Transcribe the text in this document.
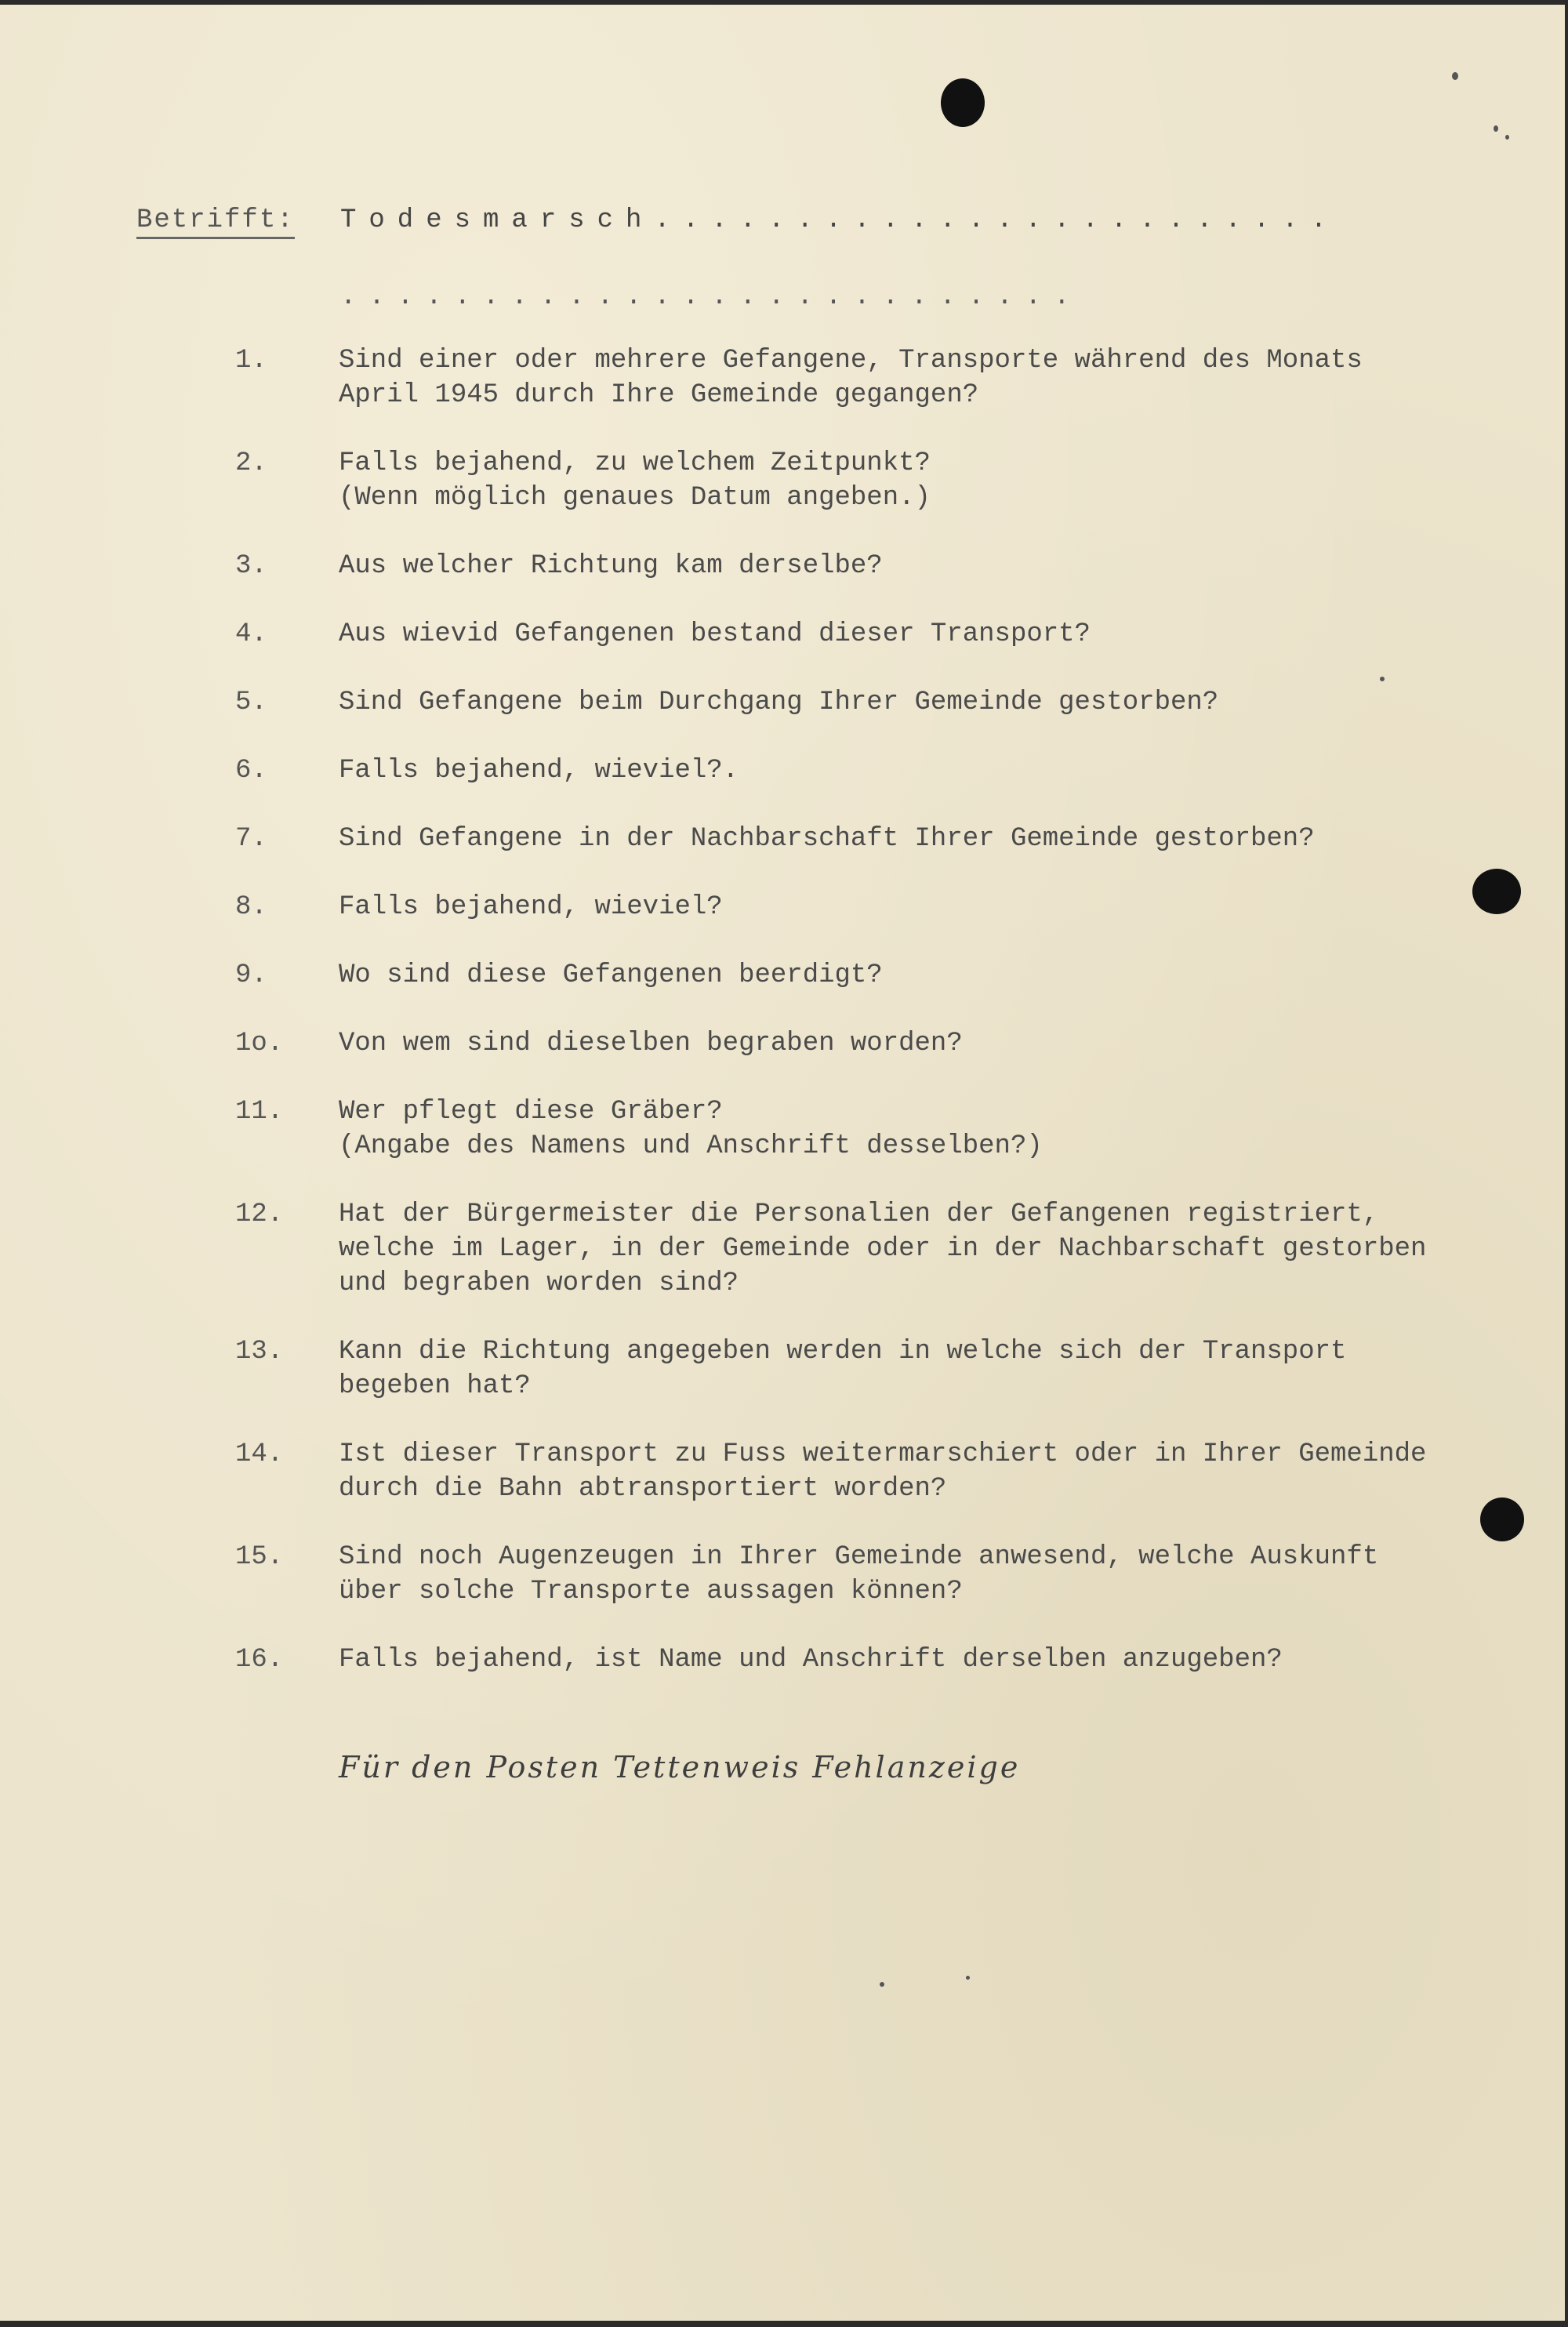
Betrifft: Todesmarsch........................
..........................
1.	Sind einer oder mehrere Gefangene, Transporte während des Monats
April 1945 durch Ihre Gemeinde gegangen?
2.	Falls bejahend, zu welchem Zeitpunkt?
(Wenn möglich genaues Datum angeben.)
3.	Aus welcher Richtung kam derselbe?
4.	Aus wievid Gefangenen bestand dieser Transport?
5.	Sind Gefangene beim Durchgang Ihrer Gemeinde gestorben?
6.	Falls bejahend, wieviel?.
7.	Sind Gefangene in der Nachbarschaft Ihrer Gemeinde gestorben?
8.	Falls bejahend, wieviel?
9.	Wo sind diese Gefangenen beerdigt?
1o. Von wem sind dieselben begraben worden?
11. Wer pflegt diese Gräber?
(Angabe des Namens und Anschrift desselben?)
12. Hat der Bürgermeister die Personalien der Gefangenen registriert,
welche im Lager, in der Gemeinde oder in der Nachbarschaft gestorben
und begraben worden sind?
13. Kann die Richtung angegeben werden in welche sich der Transport
begeben hat?
14. Ist dieser Transport zu Fuss weitermarschiert oder in Ihrer Gemeinde
durch die Bahn abtransportiert worden?
15. Sind noch Augenzeugen in Ihrer Gemeinde anwesend, welche Auskunft
über solche Transporte aussagen können?
16. Falls bejahend, ist Name und Anschrift derselben anzugeben?
Für den Posten Tettenweis Fehlanzeige
